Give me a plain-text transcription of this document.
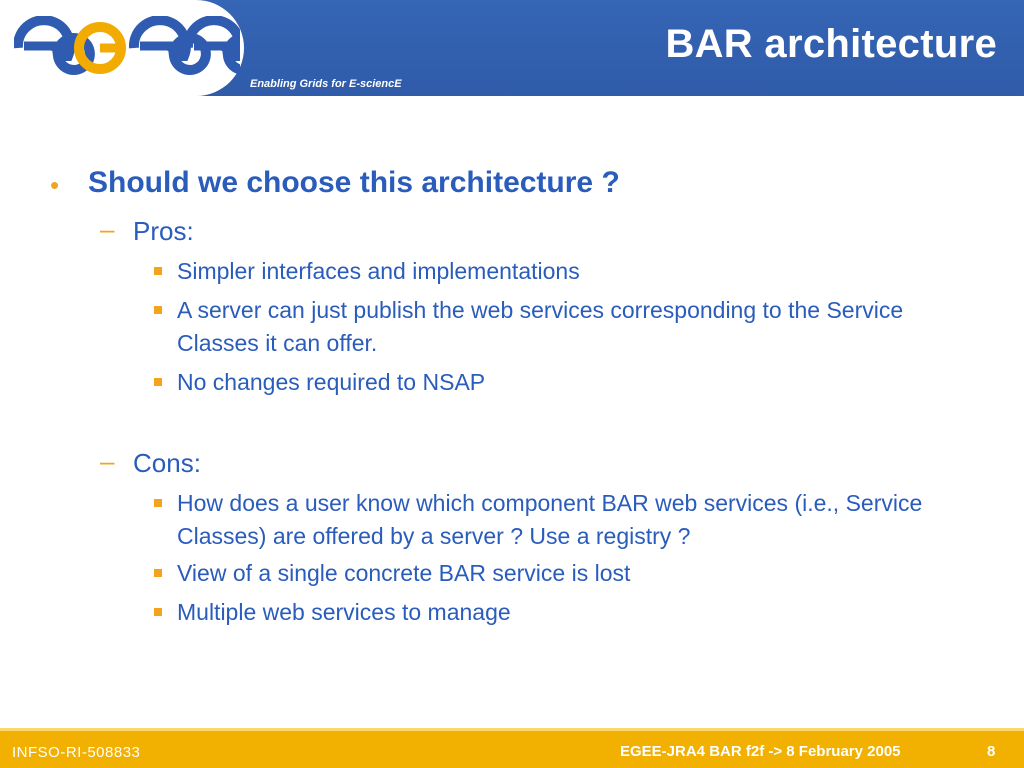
Enabling Grids for E-sciencE
BAR architecture
• Should we choose this architecture ?
– Pros:
Simpler interfaces and implementations
A server can just publish the web services corresponding to the Service Classes it can offer.
No changes required to NSAP
– Cons:
How does a user know which component BAR web services (i.e., Service Classes) are offered by a server ? Use a registry ?
View of a single concrete BAR service is lost
Multiple web services to manage
INFSO-RI-508833	EGEE-JRA4 BAR f2f -> 8 February 2005	8
